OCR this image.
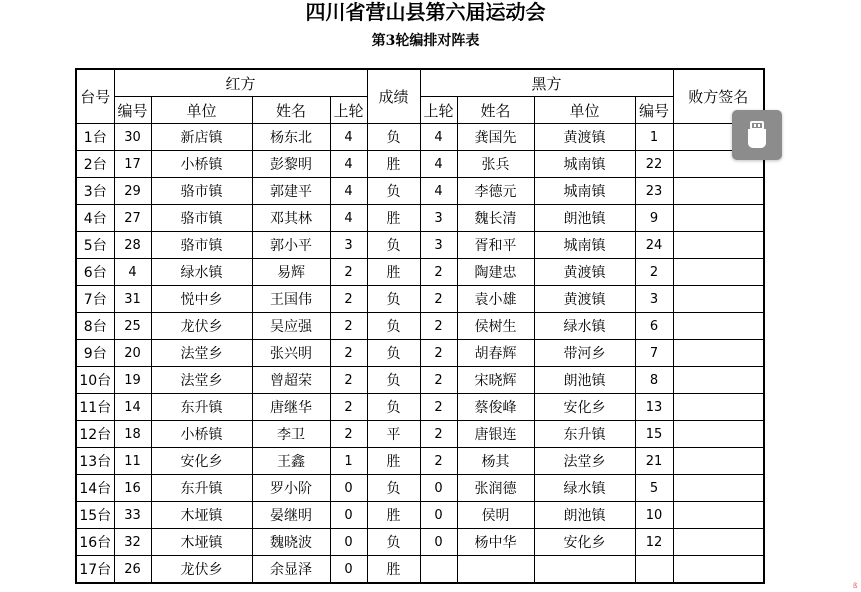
四川省营山县第六届运动会
第3轮编排对阵表
台号	红方				成绩	黑方				败方签名
	编号	单位	姓名	上轮		上轮	姓名	单位	编号	
1台	30	新店镇	杨东北	4	负	4	龚国先	黄渡镇	1	
2台	17	小桥镇	彭黎明	4	胜	4	张兵	城南镇	22	
3台	29	骆市镇	郭建平	4	负	4	李德元	城南镇	23	
4台	27	骆市镇	邓其林	4	胜	3	魏长清	朗池镇	9	
5台	28	骆市镇	郭小平	3	负	3	胥和平	城南镇	24	
6台	4	绿水镇	易辉	2	胜	2	陶建忠	黄渡镇	2	
7台	31	悦中乡	王国伟	2	负	2	袁小雄	黄渡镇	3	
8台	25	龙伏乡	吴应强	2	负	2	侯树生	绿水镇	6	
9台	20	法堂乡	张兴明	2	负	2	胡春辉	带河乡	7	
10台	19	法堂乡	曾超荣	2	负	2	宋晓辉	朗池镇	8	
11台	14	东升镇	唐继华	2	负	2	蔡俊峰	安化乡	13	
12台	18	小桥镇	李卫	2	平	2	唐银连	东升镇	15	
13台	11	安化乡	王鑫	1	胜	2	杨其	法堂乡	21	
14台	16	东升镇	罗小阶	0	负	0	张润德	绿水镇	5	
15台	33	木垭镇	晏继明	0	胜	0	侯明	朗池镇	10	
16台	32	木垭镇	魏晓波	0	负	0	杨中华	安化乡	12	
17台	26	龙伏乡	余显泽	0	胜					
ß
